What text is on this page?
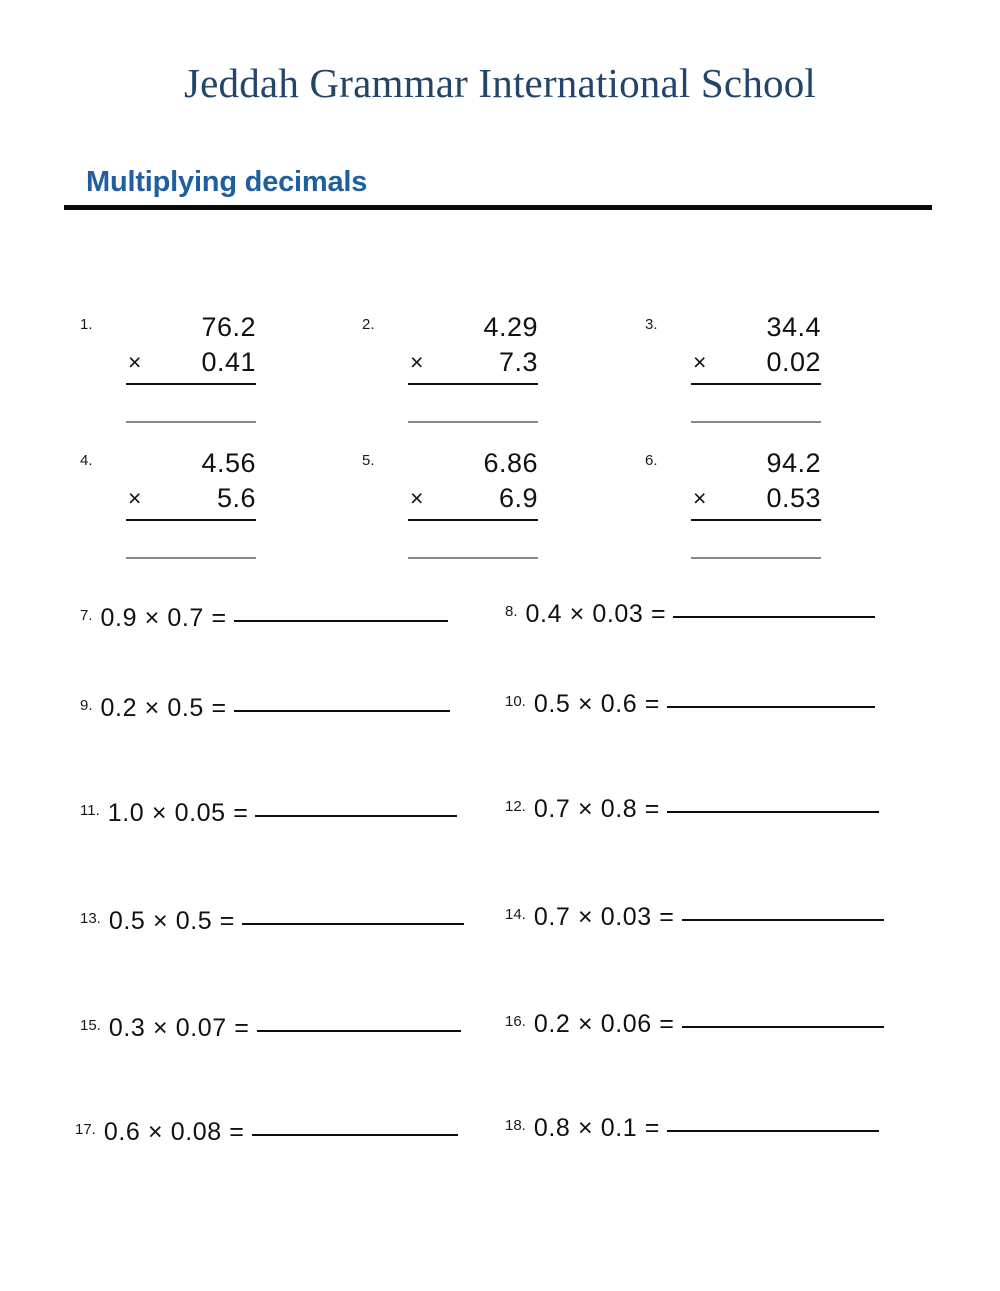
Jeddah Grammar International School
Multiplying decimals
1.	76.2
× 0.41
2.	4.29
×	7.3
3.	34.4
× 0.02
4.	4.56
×	5.6
5.	6.86
×	6.9
6.	94.2
× 0.53
7. 0.9 × 0.7 =	8. 0.4 × 0.03 =
9. 0.2 × 0.5 =	10. 0.5 × 0.6 =
11. 1.0 × 0.05 =	12. 0.7 × 0.8 =
13. 0.5 × 0.5 =	14. 0.7 × 0.03 =
15. 0.3 × 0.07 =	16. 0.2 × 0.06 =
17. 0.6 × 0.08 =	18. 0.8 × 0.1 =
